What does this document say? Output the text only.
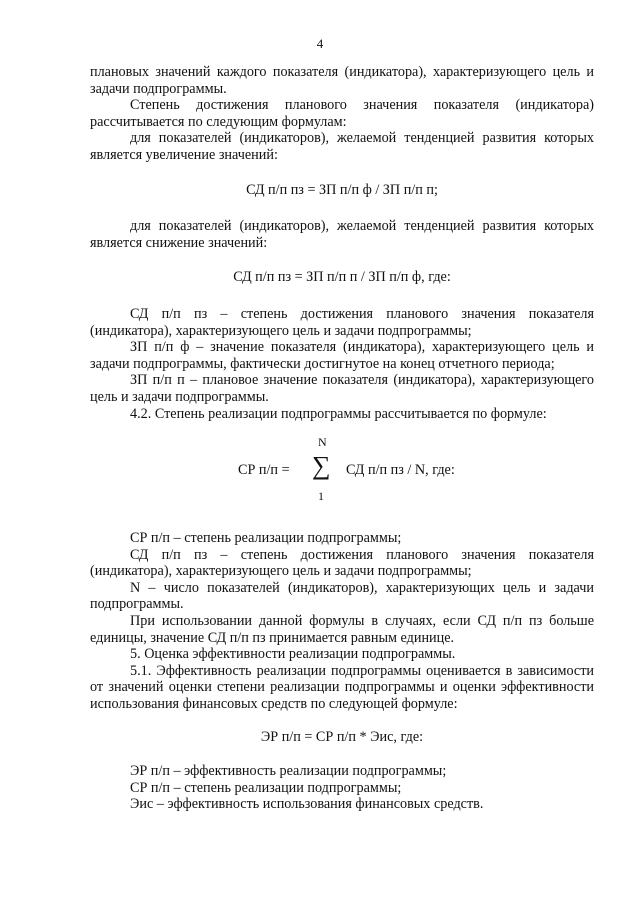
4

плановых значений каждого показателя (индикатора), характеризующего цель и задачи подпрограммы.

Степень достижения планового значения показателя (индикатора) рассчитывается по следующим формулам:

для показателей (индикаторов), желаемой тенденцией развития которых является увеличение значений:

СД п/п пз = ЗП п/п ф / ЗП п/п п;

для показателей (индикаторов), желаемой тенденцией развития которых является снижение значений:

СД п/п пз = ЗП п/п п / ЗП п/п ф, где:

СД п/п пз – степень достижения планового значения показателя (индикатора), характеризующего цель и задачи подпрограммы;

ЗП п/п ф – значение показателя (индикатора), характеризующего цель и задачи подпрограммы, фактически достигнутое на конец отчетного периода;

ЗП п/п п – плановое значение показателя (индикатора), характеризующего цель и задачи подпрограммы.

4.2. Степень реализации подпрограммы рассчитывается по формуле:

СР п/п =
N
∑
1
СД п/п пз / N, где:

СР п/п – степень реализации подпрограммы;

СД п/п пз – степень достижения планового значения показателя (индикатора), характеризующего цель и задачи подпрограммы;

N – число показателей (индикаторов), характеризующих цель и задачи подпрограммы.

При использовании данной формулы в случаях, если СД п/п пз больше единицы, значение СД п/п пз принимается равным единице.

5. Оценка эффективности реализации подпрограммы.

5.1. Эффективность реализации подпрограммы оценивается в зависимости от значений оценки степени реализации подпрограммы и оценки эффективности использования финансовых средств по следующей формуле:

ЭР п/п = СР п/п * Эис, где:

ЭР п/п – эффективность реализации подпрограммы;

СР п/п – степень реализации подпрограммы;

Эис – эффективность использования финансовых средств.
